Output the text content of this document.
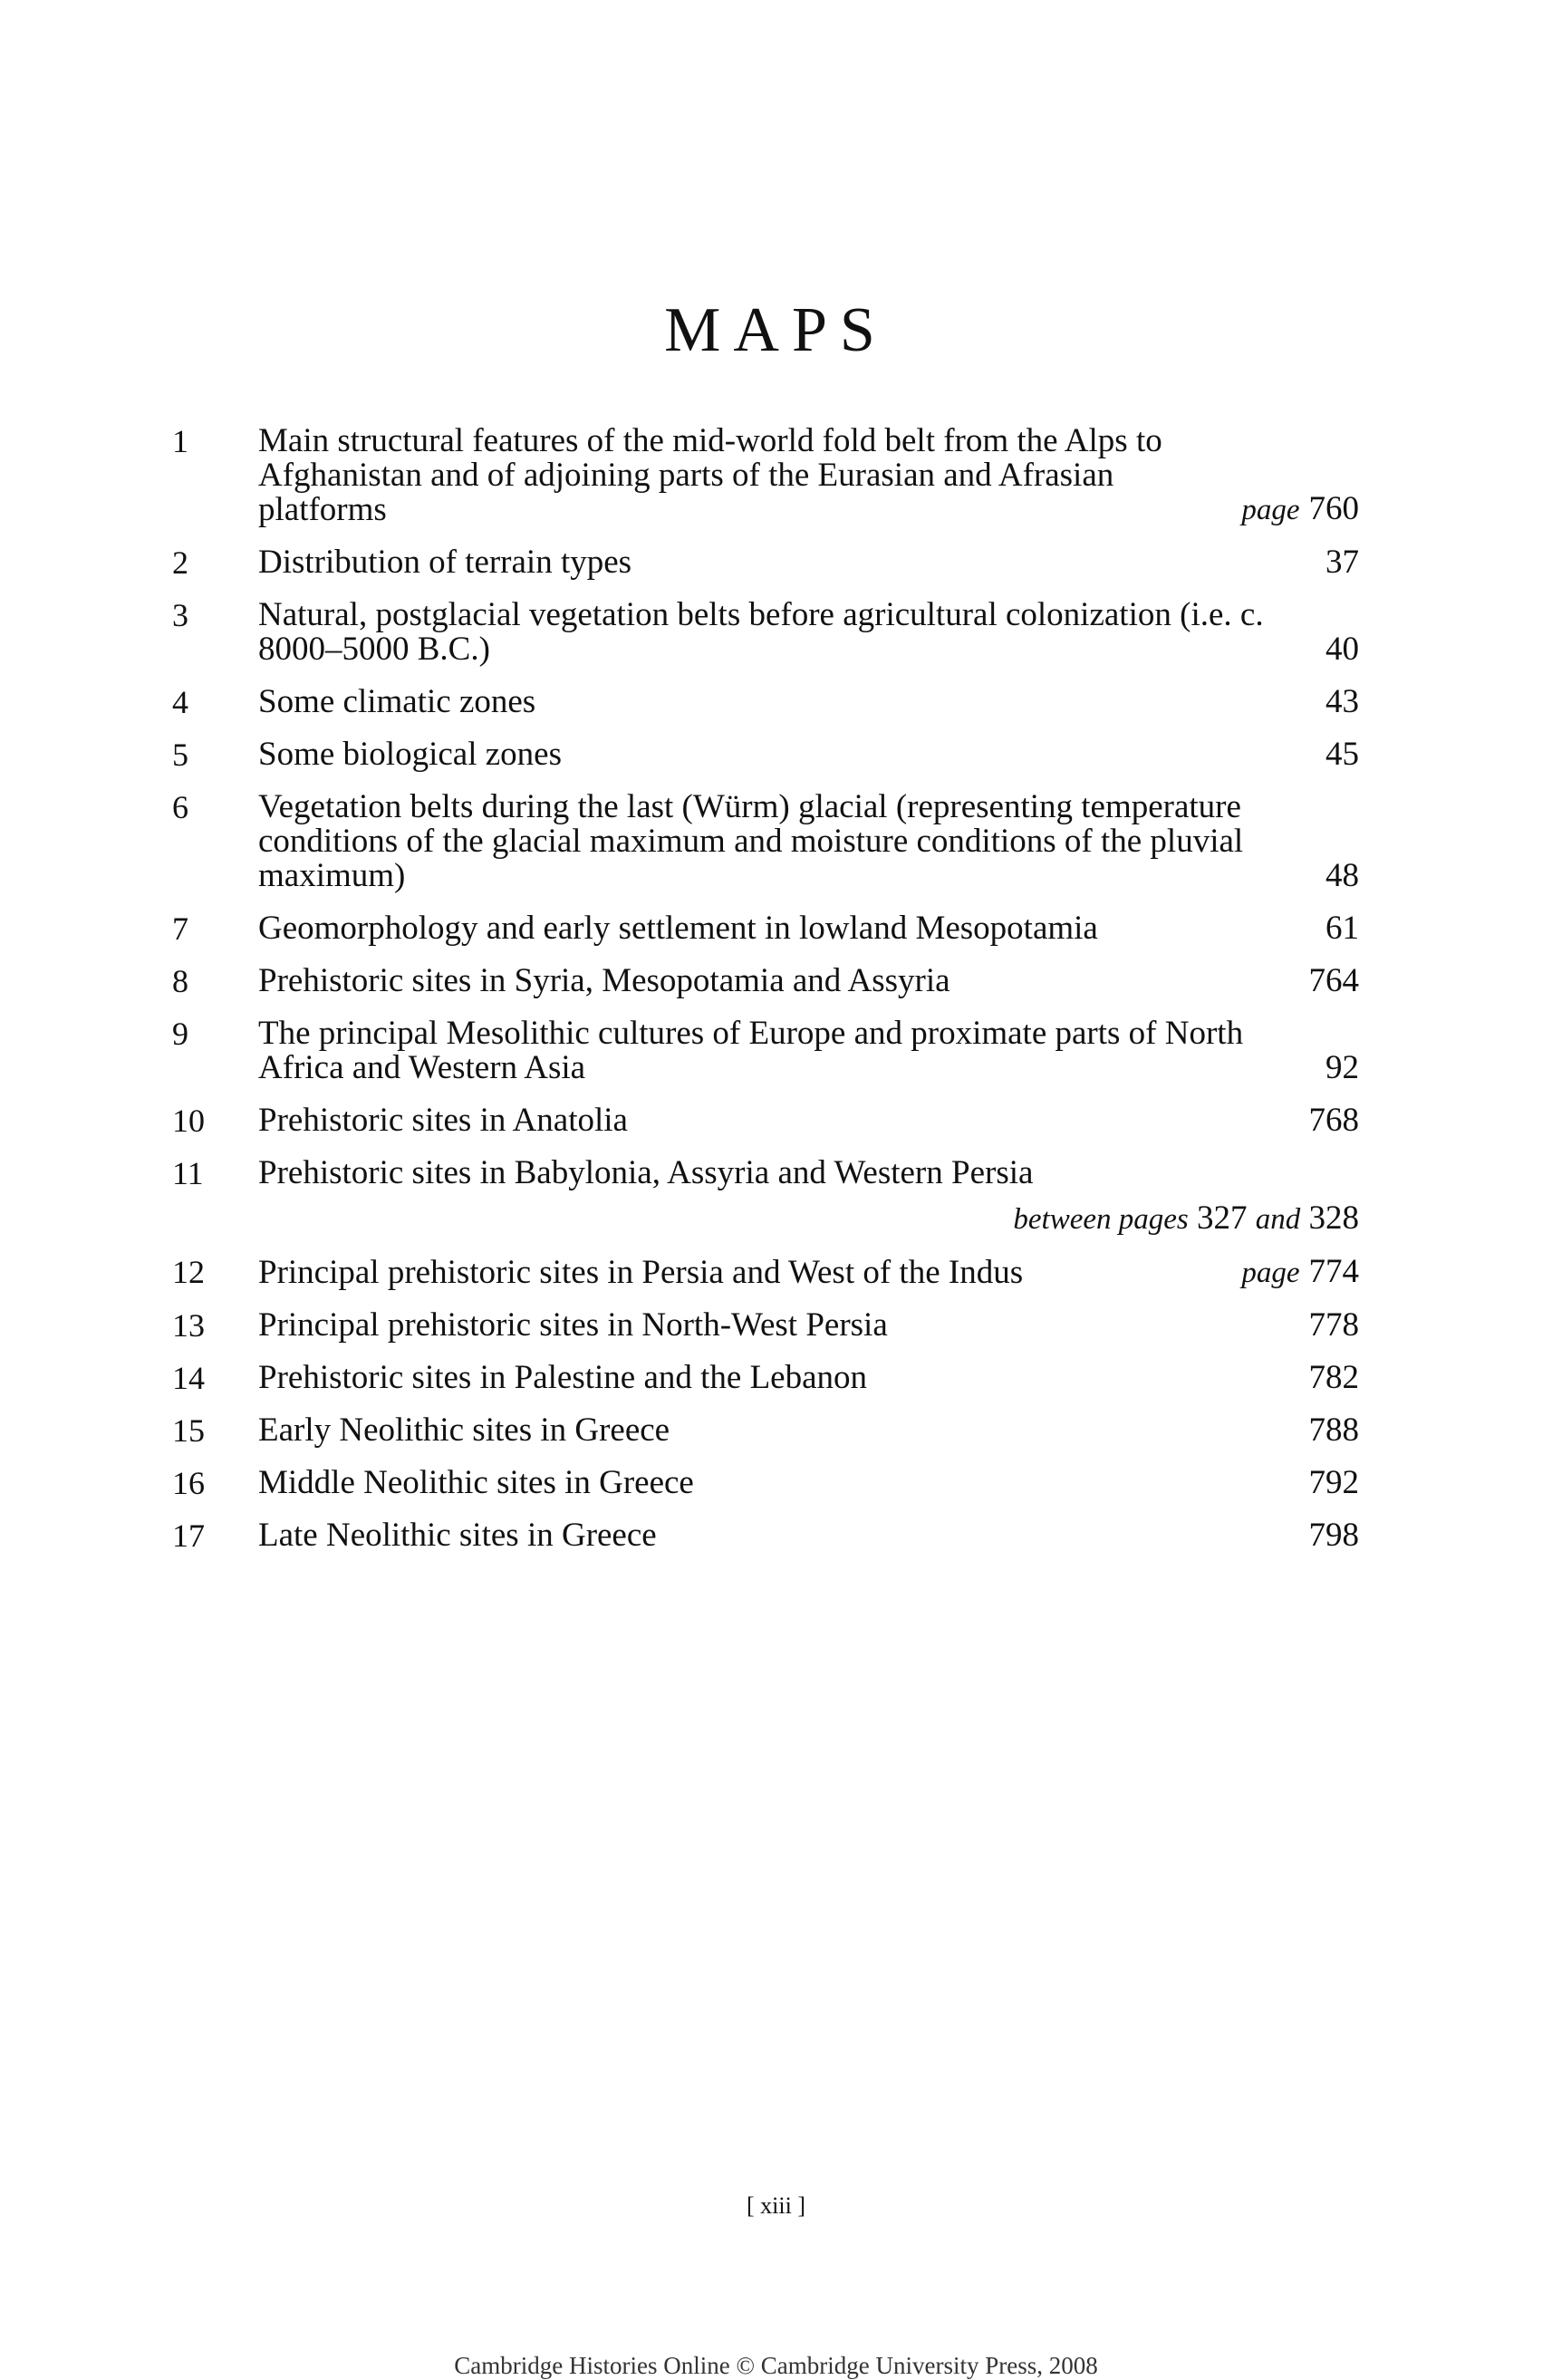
MAPS
1	Main structural features of the mid-world fold belt from the Alps to Afghanistan and of adjoining parts of the Eurasian and Afrasian platforms	page 760
2	Distribution of terrain types	37
3	Natural, postglacial vegetation belts before agricultural colonization (i.e. c. 8000–5000 B.C.)	40
4	Some climatic zones	43
5	Some biological zones	45
6	Vegetation belts during the last (Würm) glacial (representing temperature conditions of the glacial maximum and moisture conditions of the pluvial maximum)	48
7	Geomorphology and early settlement in lowland Mesopotamia	61
8	Prehistoric sites in Syria, Mesopotamia and Assyria	764
9	The principal Mesolithic cultures of Europe and proximate parts of North Africa and Western Asia	92
10	Prehistoric sites in Anatolia	768
11	Prehistoric sites in Babylonia, Assyria and Western Persia
between pages 327 and 328
12	Principal prehistoric sites in Persia and West of the Indus	page 774
13	Principal prehistoric sites in North-West Persia	778
14	Prehistoric sites in Palestine and the Lebanon	782
15	Early Neolithic sites in Greece	788
16	Middle Neolithic sites in Greece	792
17	Late Neolithic sites in Greece	798
[ xiii ]
Cambridge Histories Online © Cambridge University Press, 2008
